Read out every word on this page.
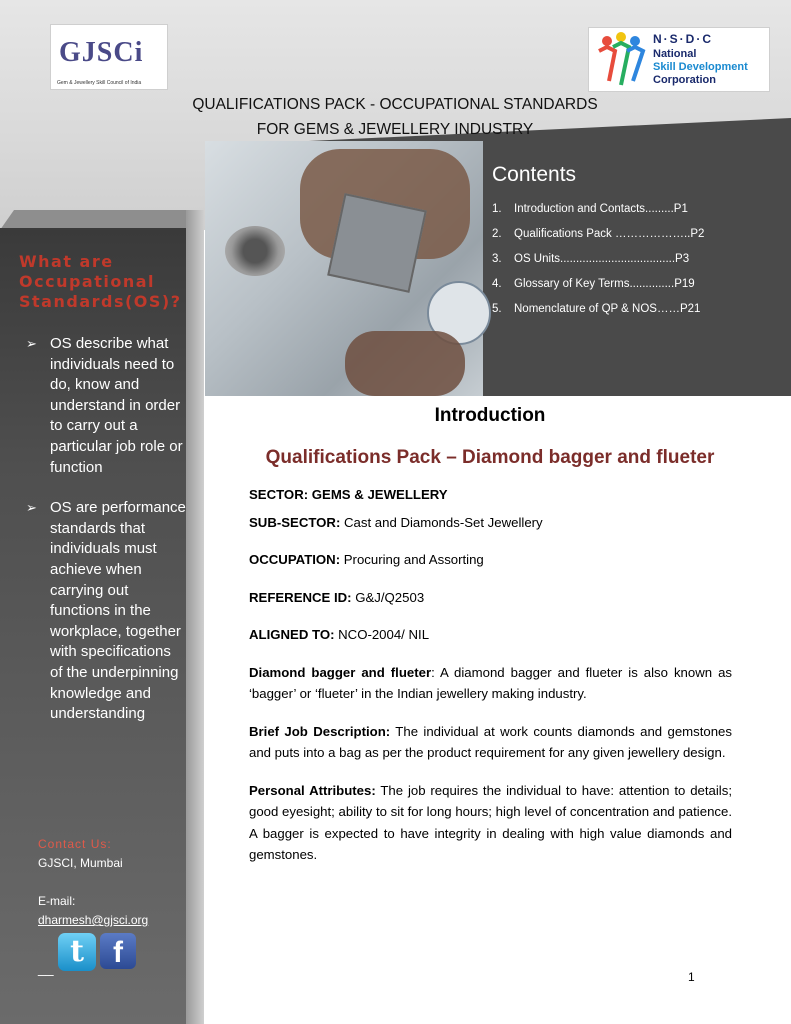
GJSCi
Gem & Jewellery Skill Council of India
N·S·D·C
National
Skill Development
Corporation
QUALIFICATIONS PACK - OCCUPATIONAL STANDARDS
FOR GEMS & JEWELLERY INDUSTRY
Contents
1. Introduction and Contacts.........P1
2. Qualifications Pack ………………..P2
3. OS Units....................................P3
4. Glossary of Key Terms..............P19
5. Nomenclature of QP & NOS……P21
What are Occupational Standards(OS)?
➢ OS describe what individuals need to do, know and understand in order to carry out a particular job role or function
➢ OS are performance standards that individuals must achieve when carrying out functions in the workplace, together with specifications of the underpinning knowledge and understanding
Contact Us:
GJSCI, Mumbai
E-mail:
dharmesh@gjsci.org
t f
__
Introduction
Qualifications Pack – Diamond bagger and flueter

SECTOR: GEMS & JEWELLERY

SUB-SECTOR: Cast and Diamonds-Set Jewellery

OCCUPATION: Procuring and Assorting

REFERENCE ID: G&J/Q2503

ALIGNED TO: NCO-2004/ NIL

Diamond bagger and flueter: A diamond bagger and flueter is also known as ‘bagger’ or ‘flueter’ in the Indian jewellery making industry.

Brief Job Description: The individual at work counts diamonds and gemstones and puts into a bag as per the product requirement for any given jewellery design.

Personal Attributes: The job requires the individual to have: attention to details; good eyesight; ability to sit for long hours; high level of concentration and patience. A bagger is expected to have integrity in dealing with high value diamonds and gemstones.

1
